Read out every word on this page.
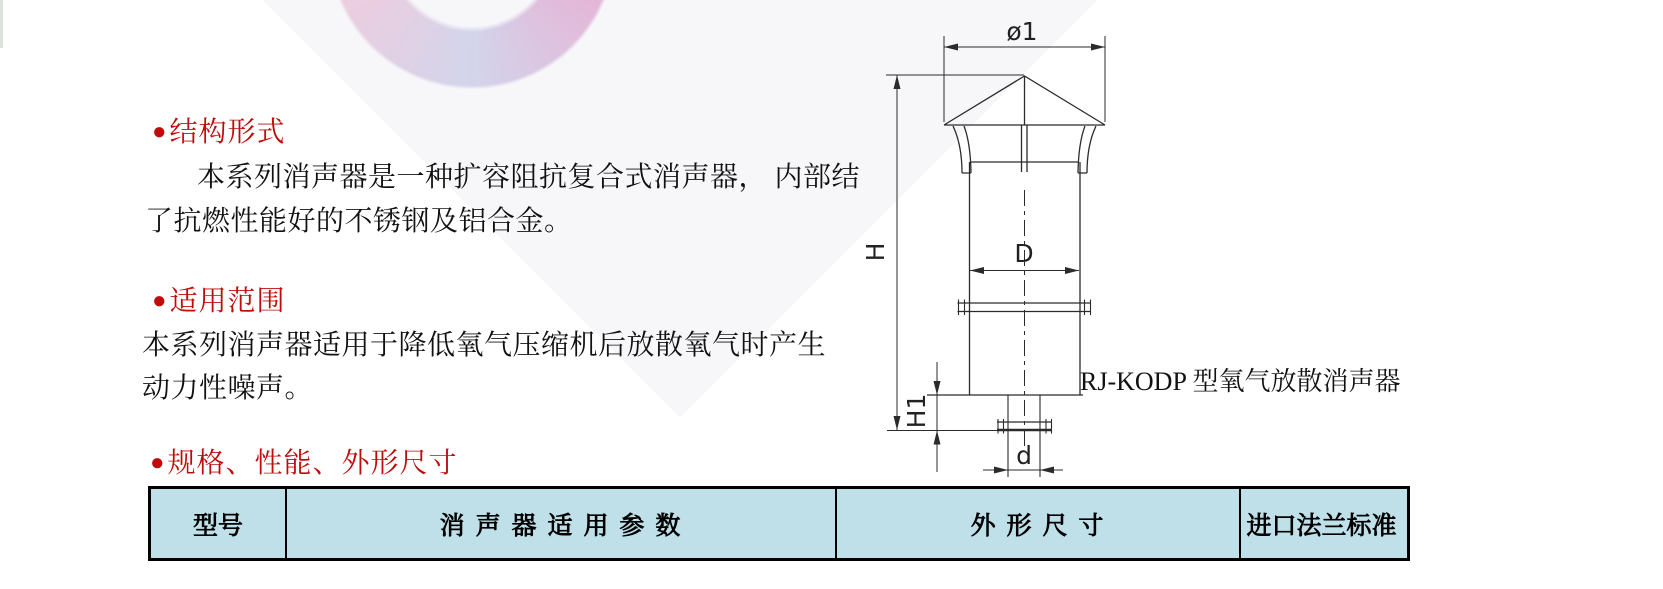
●结构形式
本系列消声器是一种扩容阻抗复合式消声器， 内部结
了抗燃性能好的不锈钢及铝合金。
●适用范围
本系列消声器适用于降低氧气压缩机后放散氧气时产生
动力性噪声。
●规格、性能、外形尺寸
ø1
H	D
H1
d
RJ-KODP 型氧气放散消声器
型号	消 声 器 适 用 参 数	外 形 尺 寸	进口法兰标准
